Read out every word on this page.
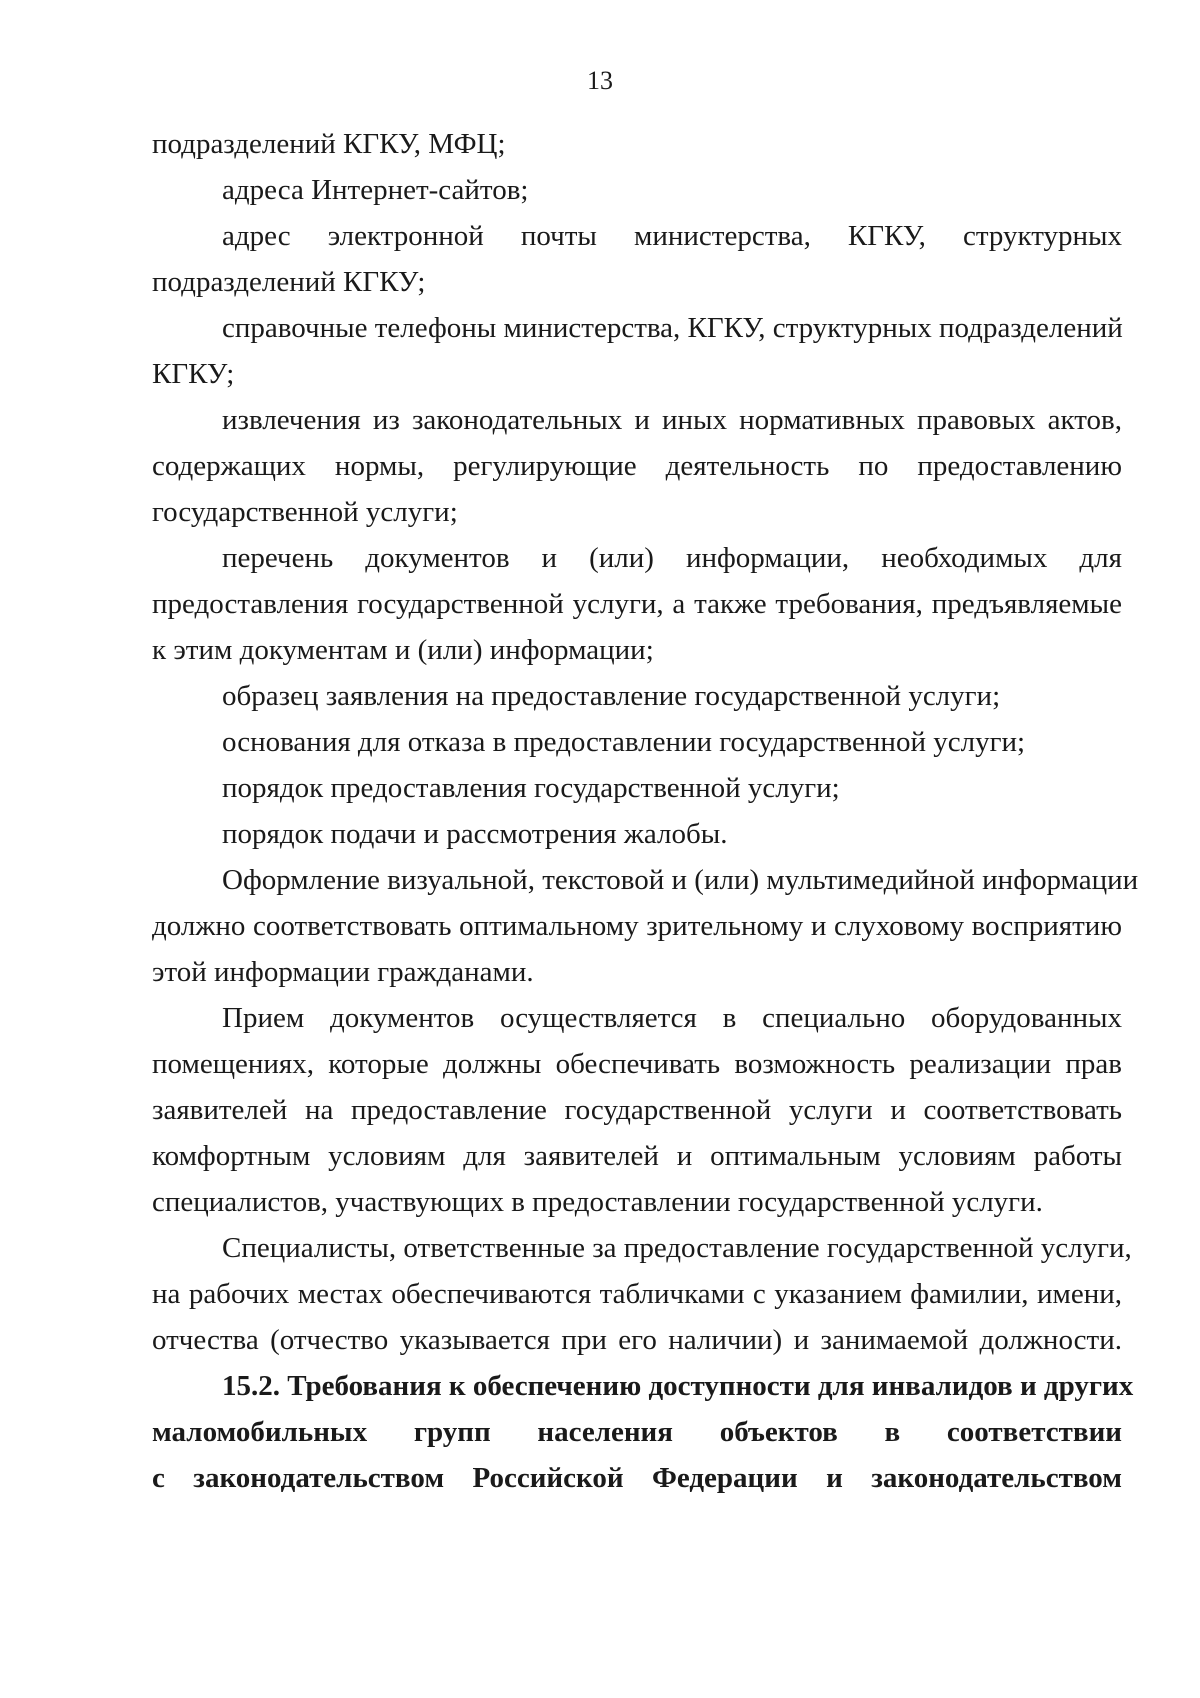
13
подразделений КГКУ, МФЦ;
адреса Интернет-сайтов;
адрес электронной почты министерства, КГКУ, структурных
подразделений КГКУ;
справочные телефоны министерства, КГКУ, структурных подразделений
КГКУ;
извлечения из законодательных и иных нормативных правовых актов,
содержащих нормы, регулирующие деятельность по предоставлению
государственной услуги;
перечень документов и (или) информации, необходимых для
предоставления государственной услуги, а также требования, предъявляемые
к этим документам и (или) информации;
образец заявления на предоставление государственной услуги;
основания для отказа в предоставлении государственной услуги;
порядок предоставления государственной услуги;
порядок подачи и рассмотрения жалобы.
Оформление визуальной, текстовой и (или) мультимедийной информации
должно соответствовать оптимальному зрительному и слуховому восприятию
этой информации гражданами.
Прием документов осуществляется в специально оборудованных
помещениях, которые должны обеспечивать возможность реализации прав
заявителей на предоставление государственной услуги и соответствовать
комфортным условиям для заявителей и оптимальным условиям работы
специалистов, участвующих в предоставлении государственной услуги.
Специалисты, ответственные за предоставление государственной услуги,
на рабочих местах обеспечиваются табличками с указанием фамилии, имени,
отчества (отчество указывается при его наличии) и занимаемой должности.
15.2. Требования к обеспечению доступности для инвалидов и других
маломобильных групп населения объектов в соответствии
с законодательством Российской Федерации и законодательством
